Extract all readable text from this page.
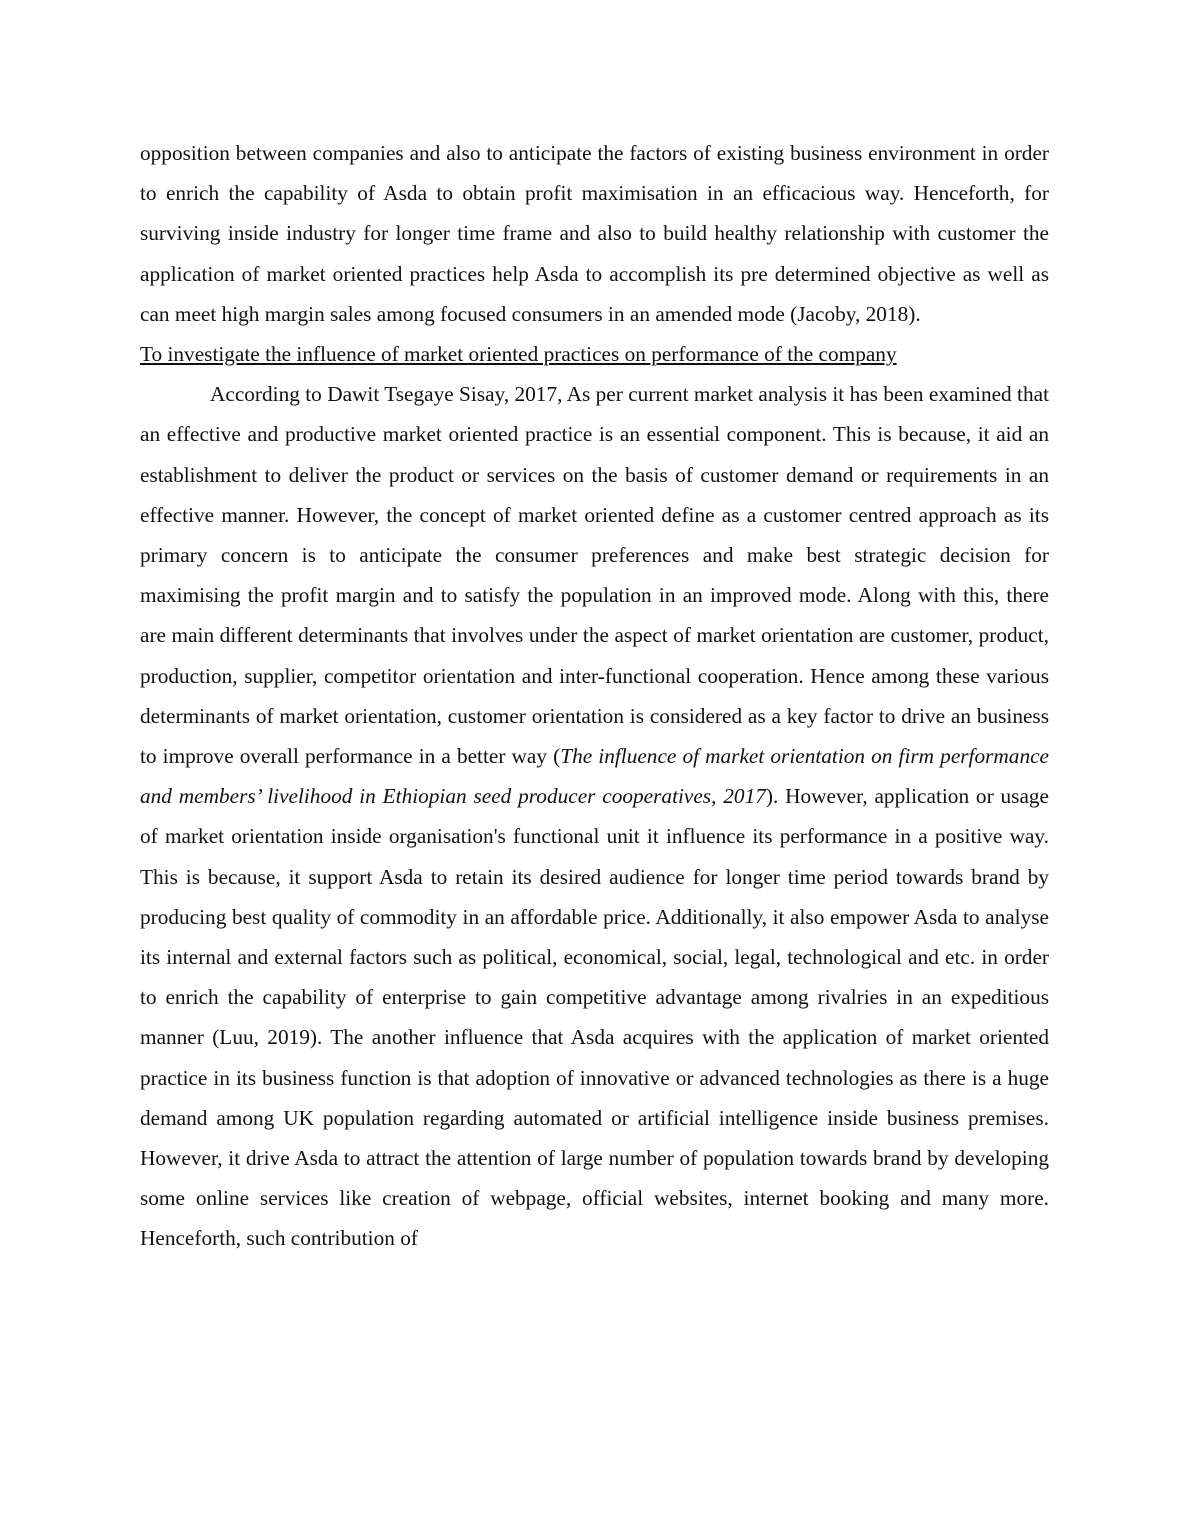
opposition between companies and also to anticipate the factors of existing business environment in order to enrich the capability of Asda to obtain profit maximisation in an efficacious way. Henceforth, for surviving inside industry for longer time frame and also to build healthy relationship with customer the application of market oriented practices help Asda to accomplish its pre determined objective as well as can meet high margin sales among focused consumers in an amended mode (Jacoby, 2018).

To investigate the influence of market oriented practices on performance of the company

According to Dawit Tsegaye Sisay, 2017, As per current market analysis it has been examined that an effective and productive market oriented practice is an essential component. This is because, it aid an establishment to deliver the product or services on the basis of customer demand or requirements in an effective manner. However, the concept of market oriented define as a customer centred approach as its primary concern is to anticipate the consumer preferences and make best strategic decision for maximising the profit margin and to satisfy the population in an improved mode. Along with this, there are main different determinants that involves under the aspect of market orientation are customer, product, production, supplier, competitor orientation and inter-functional cooperation. Hence among these various determinants of market orientation, customer orientation is considered as a key factor to drive an business to improve overall performance in a better way (The influence of market orientation on firm performance and members’ livelihood in Ethiopian seed producer cooperatives, 2017). However, application or usage of market orientation inside organisation's functional unit it influence its performance in a positive way. This is because, it support Asda to retain its desired audience for longer time period towards brand by producing best quality of commodity in an affordable price. Additionally, it also empower Asda to analyse its internal and external factors such as political, economical, social, legal, technological and etc. in order to enrich the capability of enterprise to gain competitive advantage among rivalries in an expeditious manner (Luu, 2019). The another influence that Asda acquires with the application of market oriented practice in its business function is that adoption of innovative or advanced technologies as there is a huge demand among UK population regarding automated or artificial intelligence inside business premises. However, it drive Asda to attract the attention of large number of population towards brand by developing some online services like creation of webpage, official websites, internet booking and many more. Henceforth, such contribution of
